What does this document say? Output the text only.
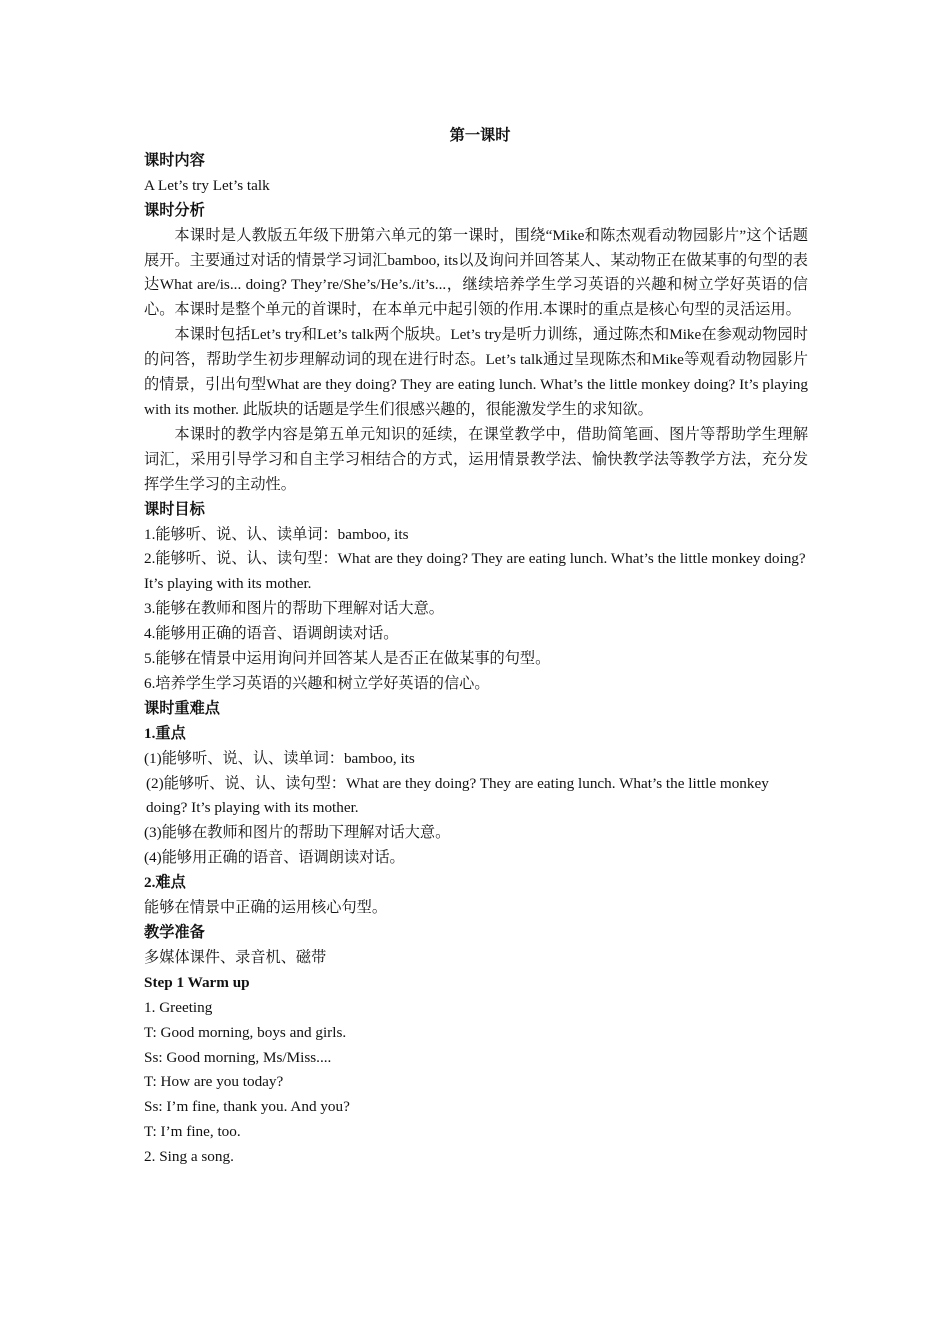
第一课时

课时内容

A Let’s try Let’s talk

课时分析

本课时是人教版五年级下册第六单元的第一课时，围绕“Mike和陈杰观看动物园影片”这个话题展开。主要通过对话的情景学习词汇bamboo, its以及询问并回答某人、某动物正在做某事的句型的表达What are/is... doing? They’re/She’s/He’s./it’s...，继续培养学生学习英语的兴趣和树立学好英语的信心。本课时是整个单元的首课时，在本单元中起引领的作用.本课时的重点是核心句型的灵活运用。

本课时包括Let’s try和Let’s talk两个版块。Let’s try是听力训练，通过陈杰和Mike在参观动物园时的问答，帮助学生初步理解动词的现在进行时态。Let’s talk通过呈现陈杰和Mike等观看动物园影片的情景，引出句型What are they doing? They are eating lunch. What’s the little monkey doing? It’s playing with its mother. 此版块的话题是学生们很感兴趣的，很能激发学生的求知欲。

本课时的教学内容是第五单元知识的延续，在课堂教学中，借助简笔画、图片等帮助学生理解词汇，采用引导学习和自主学习相结合的方式，运用情景教学法、愉快教学法等教学方法，充分发挥学生学习的主动性。

课时目标

1.能够听、说、认、读单词：bamboo, its

2.能够听、说、认、读句型：What are they doing? They are eating lunch. What’s the little monkey doing? It’s playing with its mother.

3.能够在教师和图片的帮助下理解对话大意。

4.能够用正确的语音、语调朗读对话。

5.能够在情景中运用询问并回答某人是否正在做某事的句型。

6.培养学生学习英语的兴趣和树立学好英语的信心。

课时重难点

1.重点

(1)能够听、说、认、读单词：bamboo, its

(2)能够听、说、认、读句型：What are they doing? They are eating lunch. What’s the little monkey doing? It’s playing with its mother.

(3)能够在教师和图片的帮助下理解对话大意。

(4)能够用正确的语音、语调朗读对话。

2.难点

能够在情景中正确的运用核心句型。

教学准备

多媒体课件、录音机、磁带

Step 1 Warm up

1. Greeting

T: Good morning, boys and girls.

Ss: Good morning, Ms/Miss....

T: How are you today?

Ss: I’m fine, thank you. And you?

T: I’m fine, too.

2. Sing a song.
